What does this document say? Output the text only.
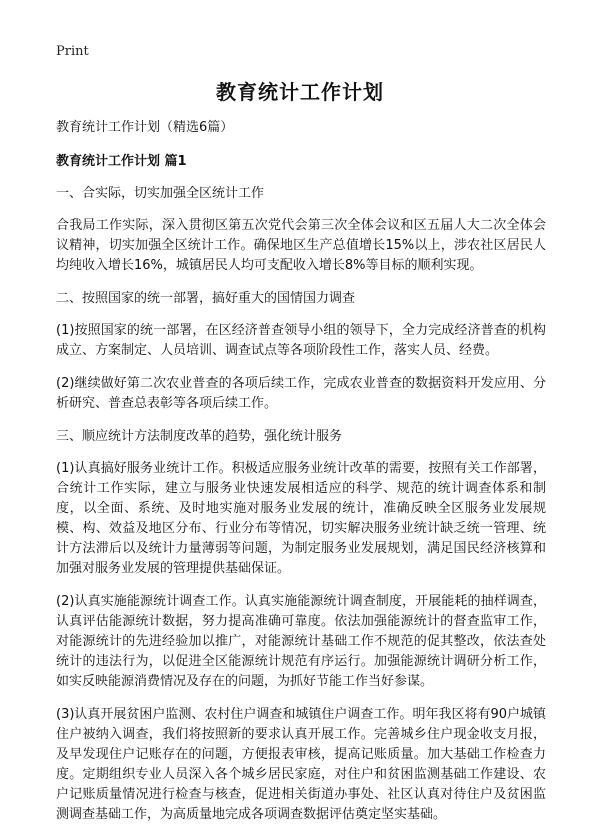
Print
教育统计工作计划

教育统计工作计划（精选6篇）

教育统计工作计划 篇1

一、合实际，切实加强全区统计工作

合我局工作实际，深入贯彻区第五次党代会第三次全体会议和区五届人大二次全体会议精神，切实加强全区统计工作。确保地区生产总值增长15%以上，涉农社区居民人均纯收入增长16%，城镇居民人均可支配收入增长8%等目标的顺利实现。

二、按照国家的统一部署，搞好重大的国情国力调查

(1)按照国家的统一部署，在区经济普查领导小组的领导下，全力完成经济普查的机构成立、方案制定、人员培训、调查试点等各项阶段性工作，落实人员、经费。

(2)继续做好第二次农业普查的各项后续工作，完成农业普查的数据资料开发应用、分析研究、普查总表彰等各项后续工作。

三、顺应统计方法制度改革的趋势，强化统计服务

(1)认真搞好服务业统计工作。积极适应服务业统计改革的需要，按照有关工作部署，合统计工作实际，建立与服务业快速发展相适应的科学、规范的统计调查体系和制度，以全面、系统、及时地实施对服务业发展的统计，准确反映全区服务业发展规模、构、效益及地区分布、行业分布等情况，切实解决服务业统计缺乏统一管理、统计方法滞后以及统计力量薄弱等问题，为制定服务业发展规划，满足国民经济核算和加强对服务业发展的管理提供基础保证。

(2)认真实施能源统计调查工作。认真实施能源统计调查制度，开展能耗的抽样调查，认真评估能源统计数据，努力提高准确可靠度。依法加强能源统计的督查监审工作，对能源统计的先进经验加以推广，对能源统计基础工作不规范的促其整改，依法查处统计的违法行为，以促进全区能源统计规范有序运行。加强能源统计调研分析工作，如实反映能源消费情况及存在的问题，为抓好节能工作当好参谋。

(3)认真开展贫困户监测、农村住户调查和城镇住户调查工作。明年我区将有90户城镇住户被纳入调查，我们将按照新的要求认真开展工作。完善城乡住户现金收支月报，及早发现住户记账存在的问题，方便报表审核，提高记账质量。加大基础工作检查力度。定期组织专业人员深入各个城乡居民家庭，对住户和贫困监测基础工作建设、农户记账质量情况进行检查与核查，促进相关街道办事处、社区认真对待住户及贫困监测调查基础工作，为高质量地完成各项调查数据评估奠定坚实基础。
